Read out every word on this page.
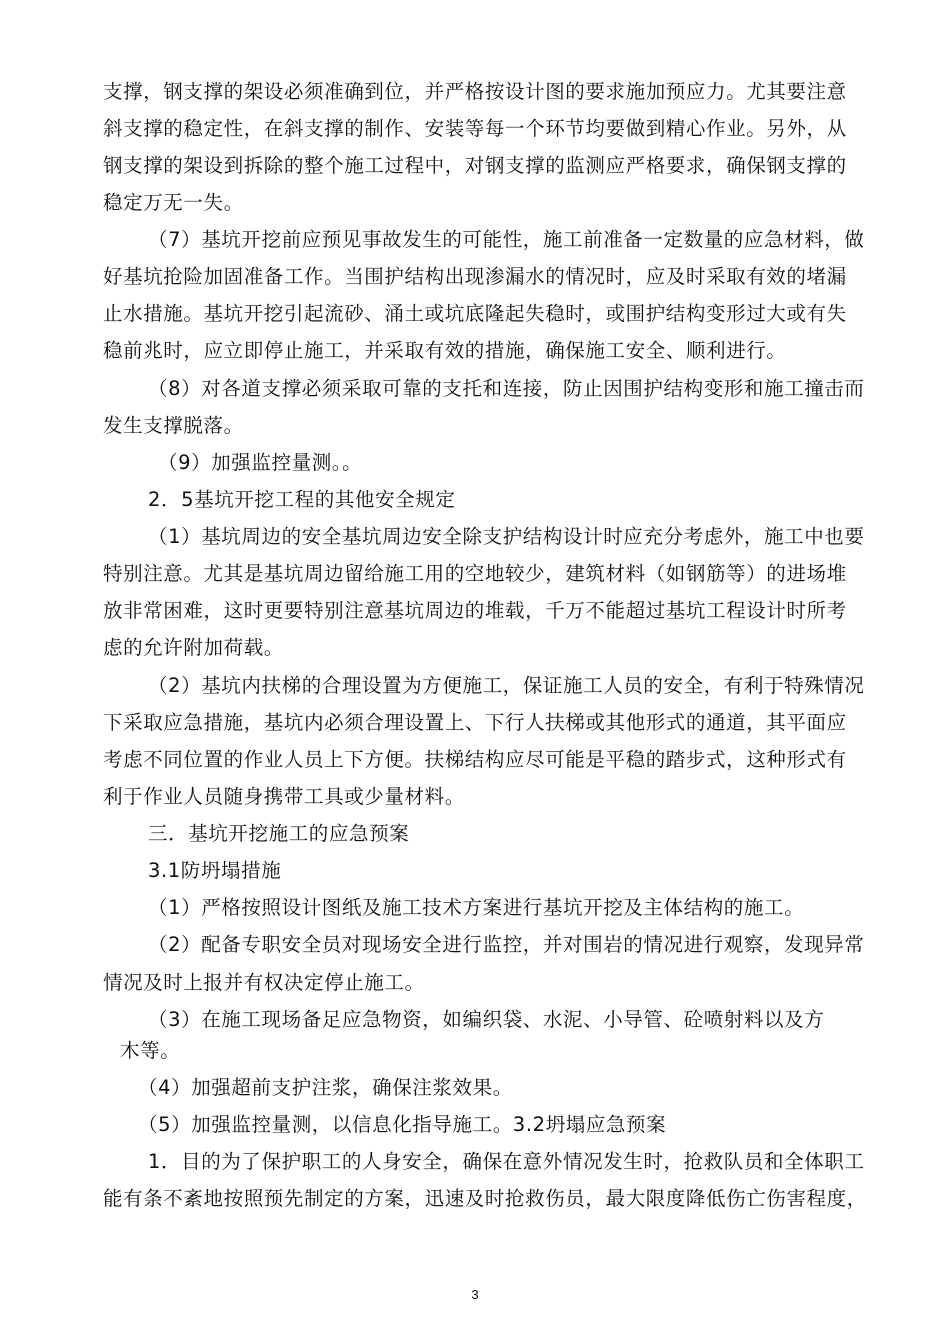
支撑，钢支撑的架设必须准确到位，并严格按设计图的要求施加预应力。尤其要注意
斜支撑的稳定性，在斜支撑的制作、安装等每一个环节均要做到精心作业。另外，从
钢支撑的架设到拆除的整个施工过程中，对钢支撑的监测应严格要求，确保钢支撑的
稳定万无一失。
（7）基坑开挖前应预见事故发生的可能性，施工前准备一定数量的应急材料，做
好基坑抢险加固准备工作。当围护结构出现渗漏水的情况时，应及时采取有效的堵漏
止水措施。基坑开挖引起流砂、涌土或坑底隆起失稳时，或围护结构变形过大或有失
稳前兆时，应立即停止施工，并采取有效的措施，确保施工安全、顺利进行。
（8）对各道支撑必须采取可靠的支托和连接，防止因围护结构变形和施工撞击而
发生支撑脱落。
（9）加强监控量测。。
2．5基坑开挖工程的其他安全规定
（1）基坑周边的安全基坑周边安全除支护结构设计时应充分考虑外，施工中也要
特别注意。尤其是基坑周边留给施工用的空地较少，建筑材料（如钢筋等）的进场堆
放非常困难，这时更要特别注意基坑周边的堆载，千万不能超过基坑工程设计时所考
虑的允许附加荷载。
（2）基坑内扶梯的合理设置为方便施工，保证施工人员的安全，有利于特殊情况
下采取应急措施，基坑内必须合理设置上、下行人扶梯或其他形式的通道，其平面应
考虑不同位置的作业人员上下方便。扶梯结构应尽可能是平稳的踏步式，这种形式有
利于作业人员随身携带工具或少量材料。
三．基坑开挖施工的应急预案
3.1防坍塌措施
（1）严格按照设计图纸及施工技术方案进行基坑开挖及主体结构的施工。
（2）配备专职安全员对现场安全进行监控，并对围岩的情况进行观察，发现异常
情况及时上报并有权决定停止施工。
（3）在施工现场备足应急物资，如编织袋、水泥、小导管、砼喷射料以及方
木等。
（4）加强超前支护注浆，确保注浆效果。
（5）加强监控量测，以信息化指导施工。3.2坍塌应急预案
1．目的为了保护职工的人身安全，确保在意外情况发生时，抢救队员和全体职工
能有条不紊地按照预先制定的方案，迅速及时抢救伤员，最大限度降低伤亡伤害程度，
3
